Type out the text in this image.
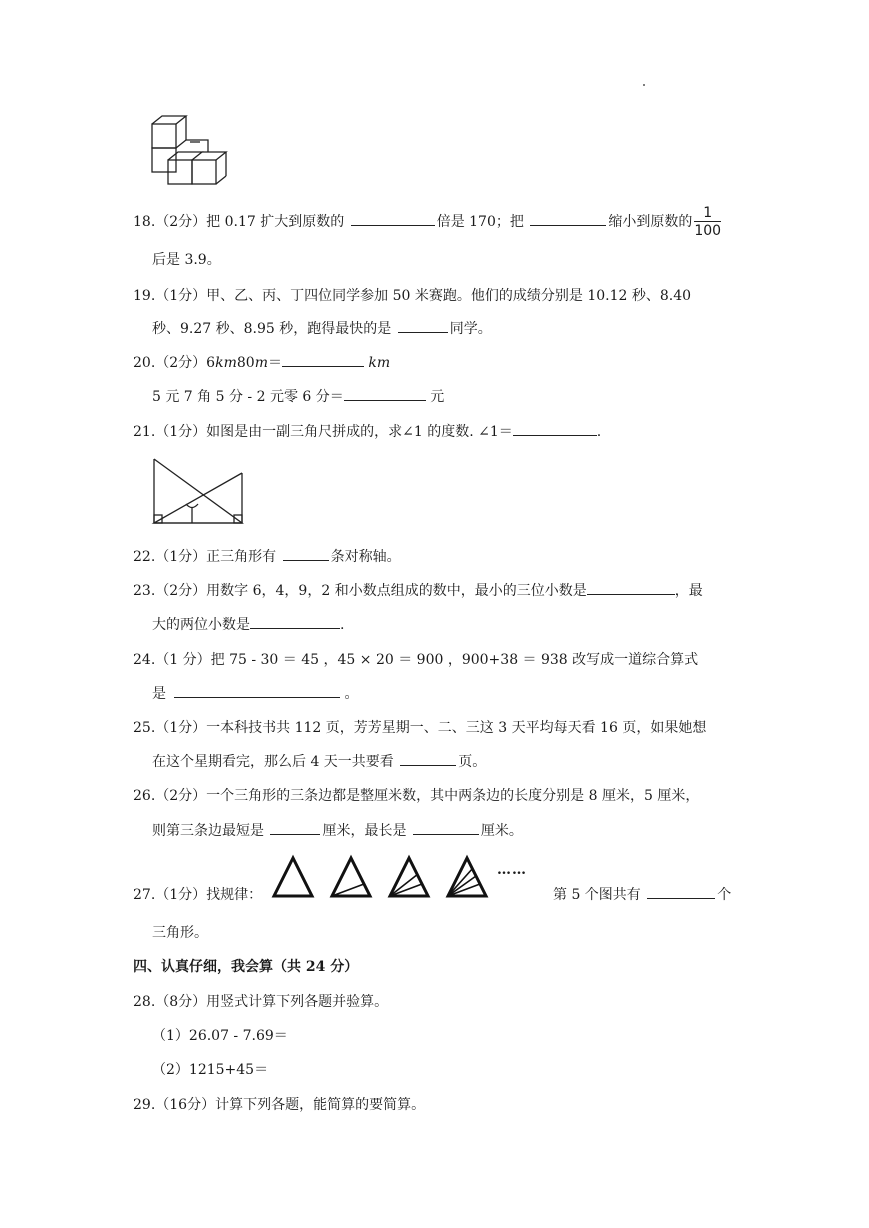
18.（2分）把 0.17 扩大到原数的	倍是 170；把	缩小到原数的 $\frac{1}{100}$
后是 3.9。
19.（1分）甲、乙、丙、丁四位同学参加 50 米赛跑。他们的成绩分别是 10.12 秒、8.40
秒、9.27 秒、8.95 秒，跑得最快的是	同学。
20.（2分）6km80m＝	km
5 元 7 角 5 分 - 2 元零 6 分＝	元
21.（1分）如图是由一副三角尺拼成的，求∠1 的度数. ∠1＝	.
22.（1分）正三角形有	条对称轴。
23.（2分）用数字 6，4，9，2 和小数点组成的数中，最小的三位小数是	，最
大的两位小数是	.
24.（1 分）把 75 - 30 ＝ 45 ，45 × 20 ＝ 900 ，900+38 ＝ 938 改写成一道综合算式
是	。
25.（1分）一本科技书共 112 页，芳芳星期一、二、三这 3 天平均每天看 16 页，如果她想
在这个星期看完，那么后 4 天一共要看	页。
26.（2分）一个三角形的三条边都是整厘米数，其中两条边的长度分别是 8 厘米，5 厘米，
则第三条边最短是	厘米，最长是	厘米。
27.（1分）找规律：
……
第 5 个图共有	个
三角形。
四、认真仔细，我会算（共 24 分）
28.（8分）用竖式计算下列各题并验算。
（1）26.07 - 7.69＝
（2）1215+45＝
29.（16分）计算下列各题，能简算的要简算。
